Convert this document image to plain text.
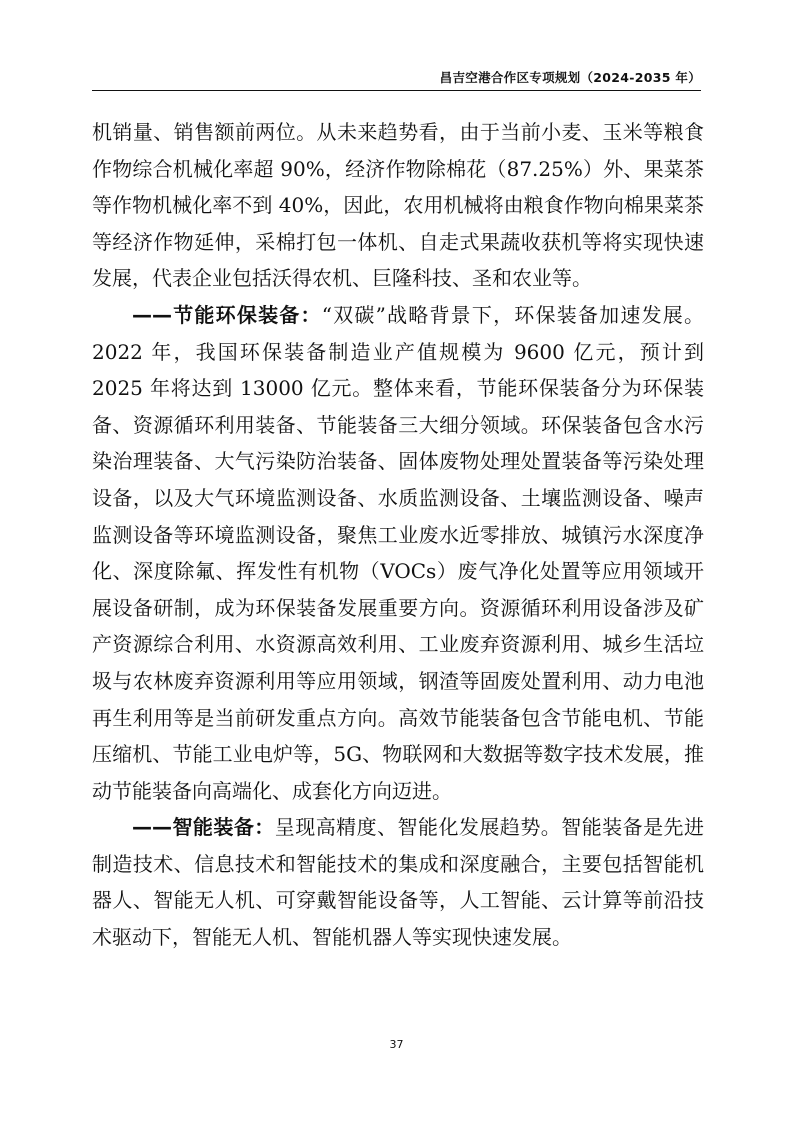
昌吉空港合作区专项规划（2024-2035 年）

机销量、销售额前两位。从未来趋势看，由于当前小麦、玉米等粮食作物综合机械化率超 90%，经济作物除棉花（87.25%）外、果菜茶等作物机械化率不到 40%，因此，农用机械将由粮食作物向棉果菜茶等经济作物延伸，采棉打包一体机、自走式果蔬收获机等将实现快速发展，代表企业包括沃得农机、巨隆科技、圣和农业等。

——节能环保装备：“双碳”战略背景下，环保装备加速发展。2022 年，我国环保装备制造业产值规模为 9600 亿元，预计到 2025 年将达到 13000 亿元。整体来看，节能环保装备分为环保装备、资源循环利用装备、节能装备三大细分领域。环保装备包含水污染治理装备、大气污染防治装备、固体废物处理处置装备等污染处理设备，以及大气环境监测设备、水质监测设备、土壤监测设备、噪声监测设备等环境监测设备，聚焦工业废水近零排放、城镇污水深度净化、深度除氟、挥发性有机物（VOCs）废气净化处置等应用领域开展设备研制，成为环保装备发展重要方向。资源循环利用设备涉及矿产资源综合利用、水资源高效利用、工业废弃资源利用、城乡生活垃圾与农林废弃资源利用等应用领域，钢渣等固废处置利用、动力电池再生利用等是当前研发重点方向。高效节能装备包含节能电机、节能压缩机、节能工业电炉等，5G、物联网和大数据等数字技术发展，推动节能装备向高端化、成套化方向迈进。

——智能装备：呈现高精度、智能化发展趋势。智能装备是先进制造技术、信息技术和智能技术的集成和深度融合，主要包括智能机器人、智能无人机、可穿戴智能设备等，人工智能、云计算等前沿技术驱动下，智能无人机、智能机器人等实现快速发展。

37
